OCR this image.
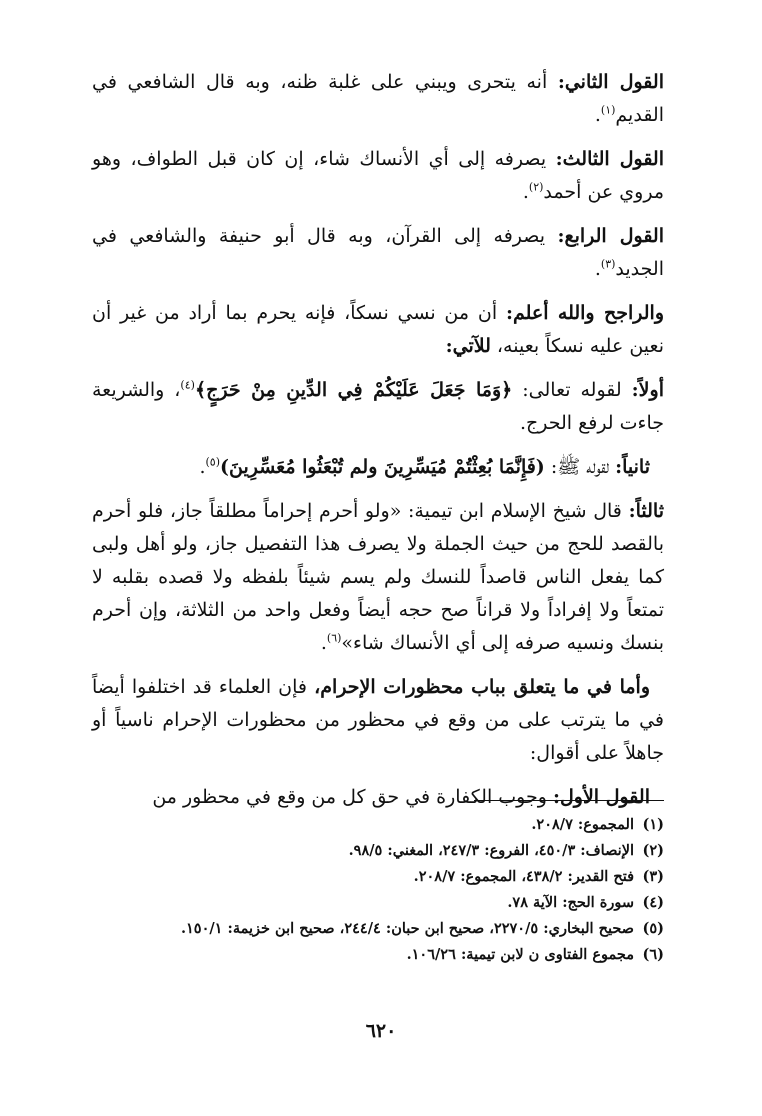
القول الثاني: أنه يتحرى ويبني على غلبة ظنه، وبه قال الشافعي في القديم$^{(١)}$.

القول الثالث: يصرفه إلى أي الأنساك شاء، إن كان قبل الطواف، وهو مروي عن أحمد$^{(٢)}$.

القول الرابع: يصرفه إلى القرآن، وبه قال أبو حنيفة والشافعي في الجديد$^{(٣)}$.

والراجح والله أعلم: أن من نسي نسكاً، فإنه يحرم بما أراد من غير أن نعين عليه نسكاً بعينه، للآتي:

أولاً: لقوله تعالى: ﴿وَمَا جَعَلَ عَلَيْكُمْ فِي الدِّينِ مِنْ حَرَجٍ﴾$^{(٤)}$، والشريعة جاءت لرفع الحرج.

ثانياً: لقوله ﷺ: (فَإِنَّمَا بُعِثْتُمْ مُيَسِّرِينَ ولم تُبْعَثُوا مُعَسِّرِينَ)$^{(٥)}$.

ثالثاً: قال شيخ الإسلام ابن تيمية: «ولو أحرم إحراماً مطلقاً جاز، فلو أحرم بالقصد للحج من حيث الجملة ولا يصرف هذا التفصيل جاز، ولو أهل ولبى كما يفعل الناس قاصداً للنسك ولم يسم شيئاً بلفظه ولا قصده بقلبه لا تمتعاً ولا إفراداً ولا قراناً صح حجه أيضاً وفعل واحد من الثلاثة، وإن أحرم بنسك ونسيه صرفه إلى أي الأنساك شاء»$^{(٦)}$.

وأما في ما يتعلق بباب محظورات الإحرام، فإن العلماء قد اختلفوا أيضاً في ما يترتب على من وقع في محظور من محظورات الإحرام ناسياً أو جاهلاً على أقوال:

القول الأول: وجوب الكفارة في حق كل من وقع في محظور من

(١)
المجموع: ٢٠٨/٧.
(٢)
الإنصاف: ٤٥٠/٣، الفروع: ٢٤٧/٣، المغني: ٩٨/٥.
(٣)
فتح القدير: ٤٣٨/٢، المجموع: ٢٠٨/٧.
(٤)
سورة الحج: الآية ٧٨.
(٥)
صحيح البخاري: ٢٢٧٠/٥، صحيح ابن حبان: ٢٤٤/٤، صحيح ابن خزيمة: ١٥٠/١.
(٦)
مجموع الفتاوى ن لابن تيمية: ١٠٦/٢٦.
٦٢٠
